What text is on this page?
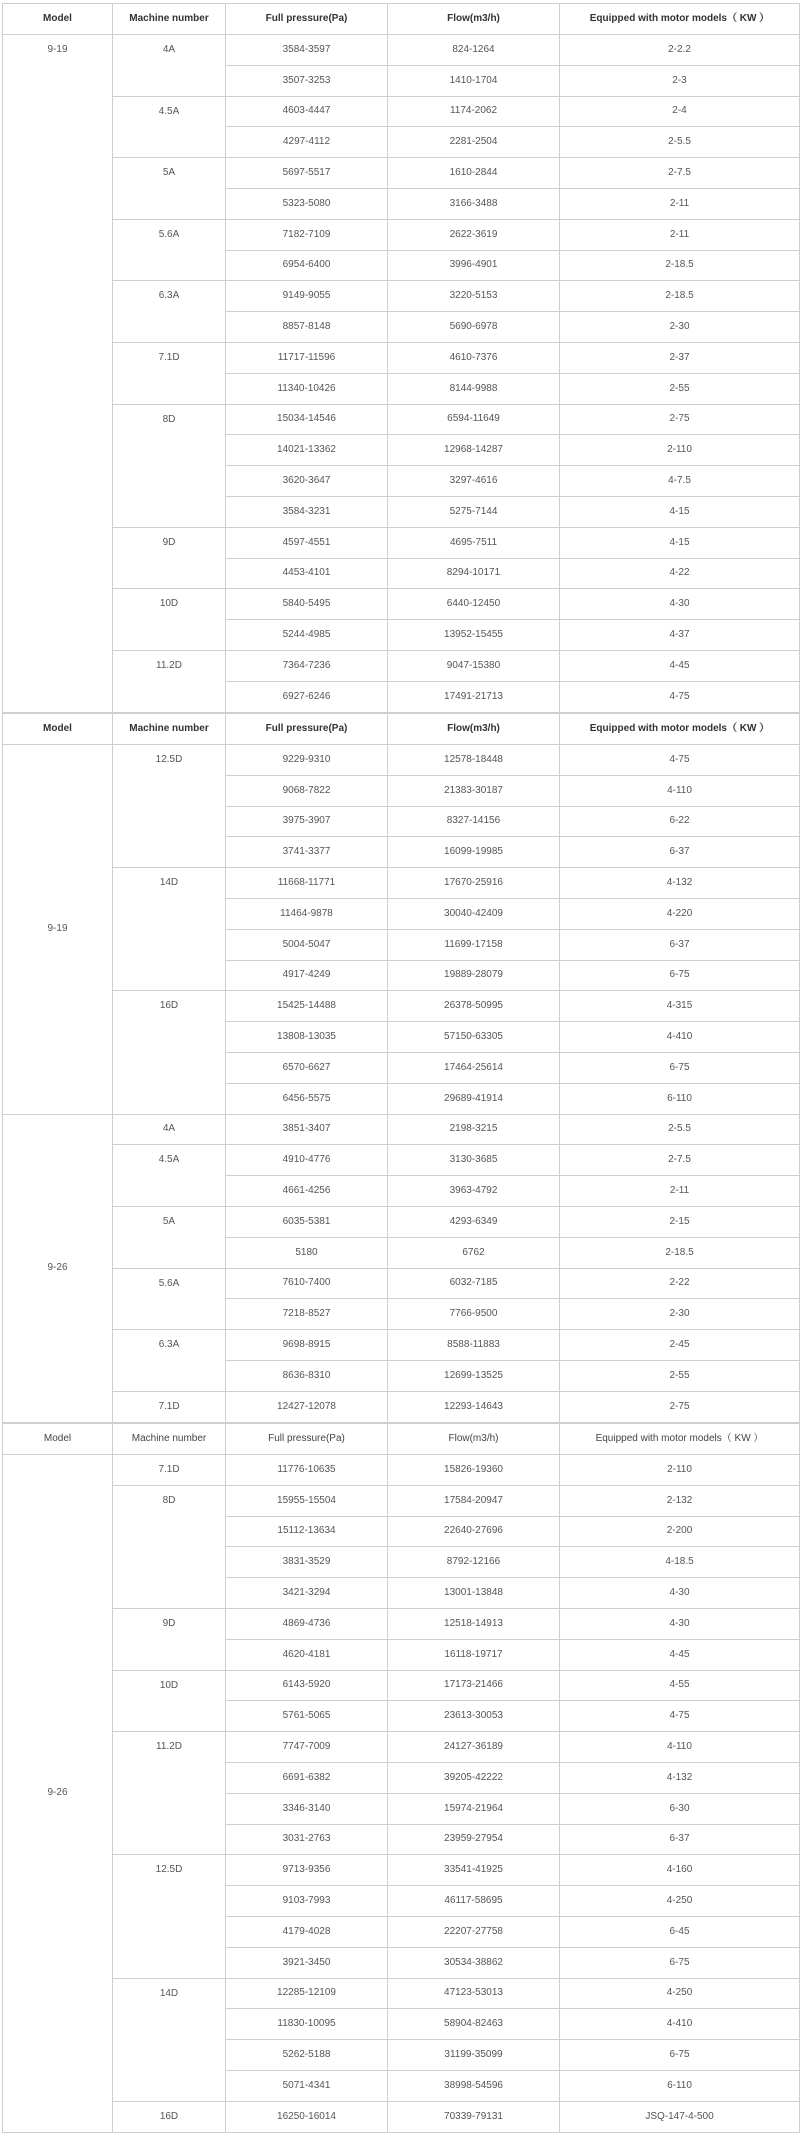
Model	Machine number	Full pressure(Pa)	Flow(m3/h)	Equipped with motor models（ KW ）
9-19	4A	3584-3597	824-1264	2-2.2
		3507-3253	1410-1704	2-3
	4.5A	4603-4447	1174-2062	2-4
		4297-4112	2281-2504	2-5.5
	5A	5697-5517	1610-2844	2-7.5
		5323-5080	3166-3488	2-11
	5.6A	7182-7109	2622-3619	2-11
		6954-6400	3996-4901	2-18.5
	6.3A	9149-9055	3220-5153	2-18.5
		8857-8148	5690-6978	2-30
	7.1D	11717-11596	4610-7376	2-37
		11340-10426	8144-9988	2-55
	8D	15034-14546	6594-11649	2-75
		14021-13362	12968-14287	2-110
		3620-3647	3297-4616	4-7.5
		3584-3231	5275-7144	4-15
	9D	4597-4551	4695-7511	4-15
		4453-4101	8294-10171	4-22
	10D	5840-5495	6440-12450	4-30
		5244-4985	13952-15455	4-37
	11.2D	7364-7236	9047-15380	4-45
		6927-6246	17491-21713	4-75
Model	Machine number	Full pressure(Pa)	Flow(m3/h)	Equipped with motor models（ KW ）
9-19	12.5D	9229-9310	12578-18448	4-75
		9068-7822	21383-30187	4-110
		3975-3907	8327-14156	6-22
		3741-3377	16099-19985	6-37
	14D	11668-11771	17670-25916	4-132
		11464-9878	30040-42409	4-220
		5004-5047	11699-17158	6-37
		4917-4249	19889-28079	6-75
	16D	15425-14488	26378-50995	4-315
		13808-13035	57150-63305	4-410
		6570-6627	17464-25614	6-75
		6456-5575	29689-41914	6-110
9-26	4A	3851-3407	2198-3215	2-5.5
	4.5A	4910-4776	3130-3685	2-7.5
		4661-4256	3963-4792	2-11
	5A	6035-5381	4293-6349	2-15
		5180	6762	2-18.5
	5.6A	7610-7400	6032-7185	2-22
		7218-8527	7766-9500	2-30
	6.3A	9698-8915	8588-11883	2-45
		8636-8310	12699-13525	2-55
	7.1D	12427-12078	12293-14643	2-75
Model	Machine number	Full pressure(Pa)	Flow(m3/h)	Equipped with motor models（ KW ）
9-26	7.1D	11776-10635	15826-19360	2-110
	8D	15955-15504	17584-20947	2-132
		15112-13634	22640-27696	2-200
		3831-3529	8792-12166	4-18.5
		3421-3294	13001-13848	4-30
	9D	4869-4736	12518-14913	4-30
		4620-4181	16118-19717	4-45
	10D	6143-5920	17173-21466	4-55
		5761-5065	23613-30053	4-75
	11.2D	7747-7009	24127-36189	4-110
		6691-6382	39205-42222	4-132
		3346-3140	15974-21964	6-30
		3031-2763	23959-27954	6-37
	12.5D	9713-9356	33541-41925	4-160
		9103-7993	46117-58695	4-250
		4179-4028	22207-27758	6-45
		3921-3450	30534-38862	6-75
	14D	12285-12109	47123-53013	4-250
		11830-10095	58904-82463	4-410
		5262-5188	31199-35099	6-75
		5071-4341	38998-54596	6-110
	16D	16250-16014	70339-79131	JSQ-147-4-500
